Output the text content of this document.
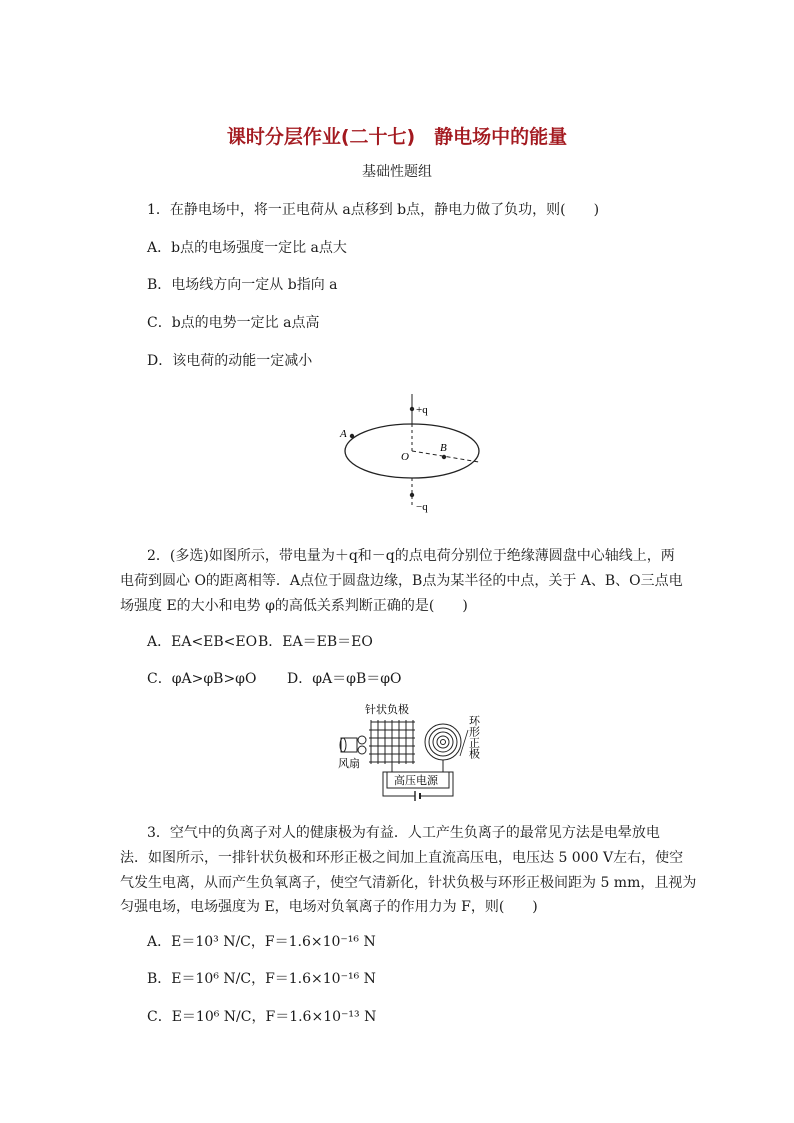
课时分层作业(二十七)　静电场中的能量
基础性题组
1．在静电场中，将一正电荷从 a点移到 b点，静电力做了负功，则(　　)
A．b点的电场强度一定比 a点大
B．电场线方向一定从 b指向 a
C．b点的电势一定比 a点高
D．该电荷的动能一定减小
+q
−q
A
B
O
2．(多选)如图所示，带电量为＋q和－q的点电荷分别位于绝缘薄圆盘中心轴线上，两
电荷到圆心 O的距离相等．A点位于圆盘边缘，B点为某半径的中点，关于 A、B、O三点电
场强度 E的大小和电势 φ的高低关系判断正确的是(　　)
A．EA<EB<EO B．EA＝EB＝EO
C．φA>φB>φO D．φA＝φB＝φO
针状负极
风扇
高压电源
环形正极
3．空气中的负离子对人的健康极为有益．人工产生负离子的最常见方法是电晕放电
法．如图所示，一排针状负极和环形正极之间加上直流高压电，电压达 5 000 V左右，使空
气发生电离，从而产生负氧离子，使空气清新化，针状负极与环形正极间距为 5 mm，且视为
匀强电场，电场强度为 E，电场对负氧离子的作用力为 F，则(　　)
A．E＝10³ N/C，F＝1.6×10⁻¹⁶ N
B．E＝10⁶ N/C，F＝1.6×10⁻¹⁶ N
C．E＝10⁶ N/C，F＝1.6×10⁻¹³ N
